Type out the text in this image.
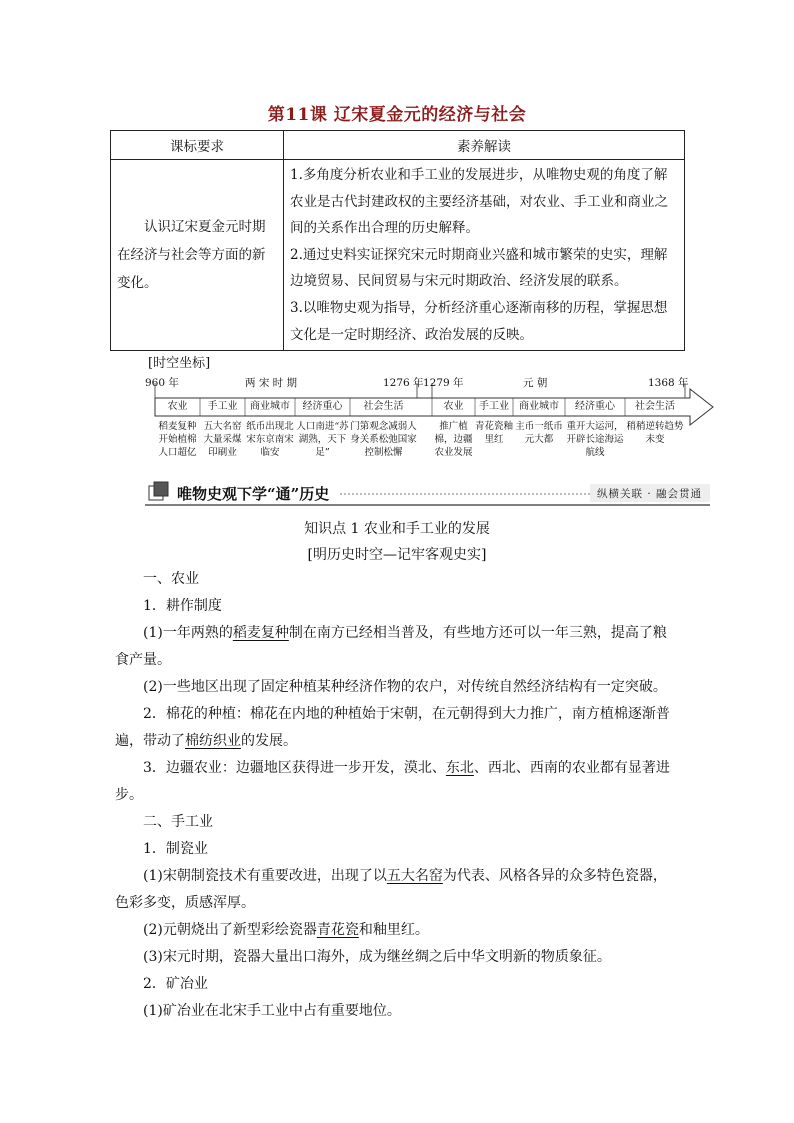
第11课 辽宋夏金元的经济与社会
课标要求	素养解读

认识辽宋夏金元时期在经济与社会等方面的新变化。	1.多角度分析农业和手工业的发展进步，从唯物史观的角度了解农业是古代封建政权的主要经济基础，对农业、手工业和商业之间的关系作出合理的历史解释。
2.通过史料实证探究宋元时期商业兴盛和城市繁荣的史实，理解边境贸易、民间贸易与宋元时期政治、经济发展的联系。
3.以唯物史观为指导，分析经济重心逐渐南移的历程，掌握思想文化是一定时期经济、政治发展的反映。
[时空坐标]
960 年	两 宋 时 期	1276 年 1279 年	元 朝	1368 年
农业	手工业	商业城市	经济重心	社会生活	农业	手工业	商业城市	经济重心	社会生活
稻麦复种开始植棉人口超亿
五大名窑大量采煤印刷业
纸币出现北宋东京南宋临安
人口南进“苏湖熟，天下足”
门第观念减弱人身关系松弛国家控制松懈
推广植棉，边疆农业发展
青花瓷釉里红
主币一纸币元大都
重开大运河，开辟长途海运航线
稍稍逆转趋势未变
唯物史观下学“通”历史	纵横关联 · 融会贯通
知识点 1 农业和手工业的发展
[明历史时空—记牢客观史实]

一、农业

1．耕作制度

(1)一年两熟的稻麦复种制在南方已经相当普及，有些地方还可以一年三熟，提高了粮食产量。

(2)一些地区出现了固定种植某种经济作物的农户，对传统自然经济结构有一定突破。

2．棉花的种植：棉花在内地的种植始于宋朝，在元朝得到大力推广，南方植棉逐渐普遍，带动了棉纺织业的发展。

3．边疆农业：边疆地区获得进一步开发，漠北、东北、西北、西南的农业都有显著进步。

二、手工业

1．制瓷业

(1)宋朝制瓷技术有重要改进，出现了以五大名窑为代表、风格各异的众多特色瓷器，色彩多变，质感浑厚。

(2)元朝烧出了新型彩绘瓷器青花瓷和釉里红。

(3)宋元时期，瓷器大量出口海外，成为继丝绸之后中华文明新的物质象征。

2．矿冶业

(1)矿冶业在北宋手工业中占有重要地位。
